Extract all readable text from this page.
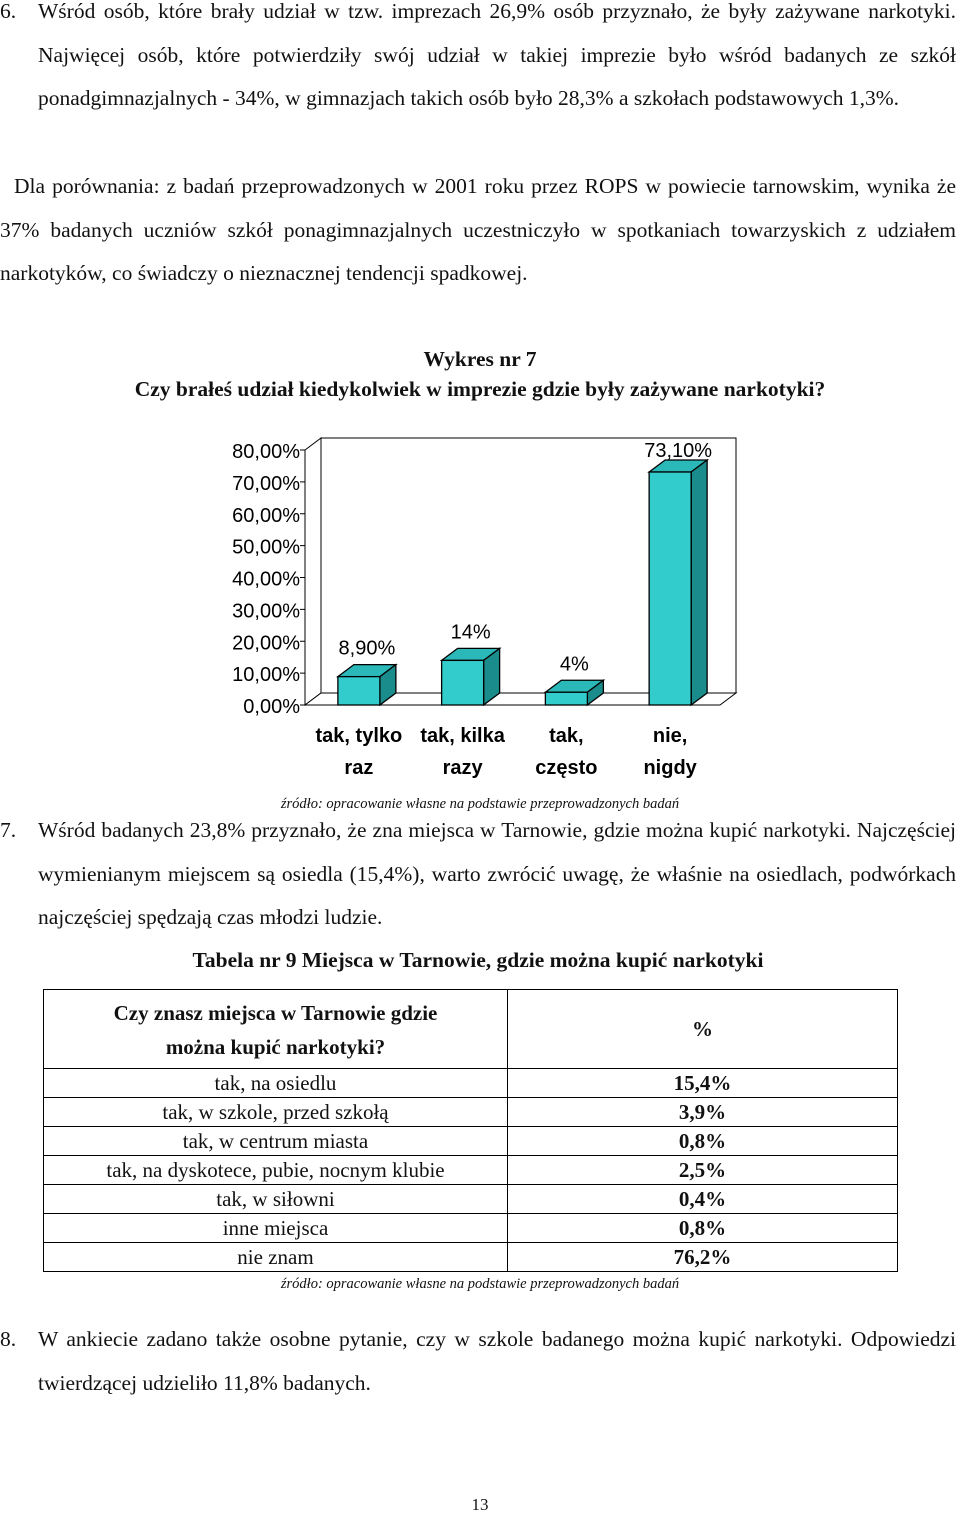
6. Wśród osób, które brały udział w tzw. imprezach 26,9% osób przyznało, że były zażywane narkotyki. Najwięcej osób, które potwierdziły swój udział w takiej imprezie było wśród badanych ze szkół ponadgimnazjalnych - 34%, w gimnazjach takich osób było 28,3% a szkołach podstawowych 1,3%.

Dla porównania: z badań przeprowadzonych w 2001 roku przez ROPS w powiecie tarnowskim, wynika że 37% badanych uczniów szkół ponagimnazjalnych uczestniczyło w spotkaniach towarzyskich z udziałem narkotyków, co świadczy o nieznacznej tendencji spadkowej.

Wykres nr 7
Czy brałeś udział kiedykolwiek w imprezie gdzie były zażywane narkotyki?
0,00%
10,00%
20,00%
30,00%
40,00%
50,00%
60,00%
70,00%
80,00%
8,90%
tak, tylko
raz
14%
tak, kilka
razy
4%
tak,
często
73,10%
nie,
nigdy
źródło: opracowanie własne na podstawie przeprowadzonych badań
7. Wśród badanych 23,8% przyznało, że zna miejsca w Tarnowie, gdzie można kupić narkotyki. Najczęściej wymienianym miejscem są osiedla (15,4%), warto zwrócić uwagę, że właśnie na osiedlach, podwórkach najczęściej spędzają czas młodzi ludzie.

Tabela nr 9 Miejsca w Tarnowie, gdzie można kupić narkotyki
Czy znasz miejsca w Tarnowie gdzie
można kupić narkotyki?	%
tak, na osiedlu	15,4%
tak, w szkole, przed szkołą	3,9%
tak, w centrum miasta	0,8%
tak, na dyskotece, pubie, nocnym klubie	2,5%
tak, w siłowni	0,4%
inne miejsca	0,8%
nie znam	76,2%
źródło: opracowanie własne na podstawie przeprowadzonych badań
8. W ankiecie zadano także osobne pytanie, czy w szkole badanego można kupić narkotyki. Odpowiedzi twierdzącej udzieliło 11,8% badanych.

13
